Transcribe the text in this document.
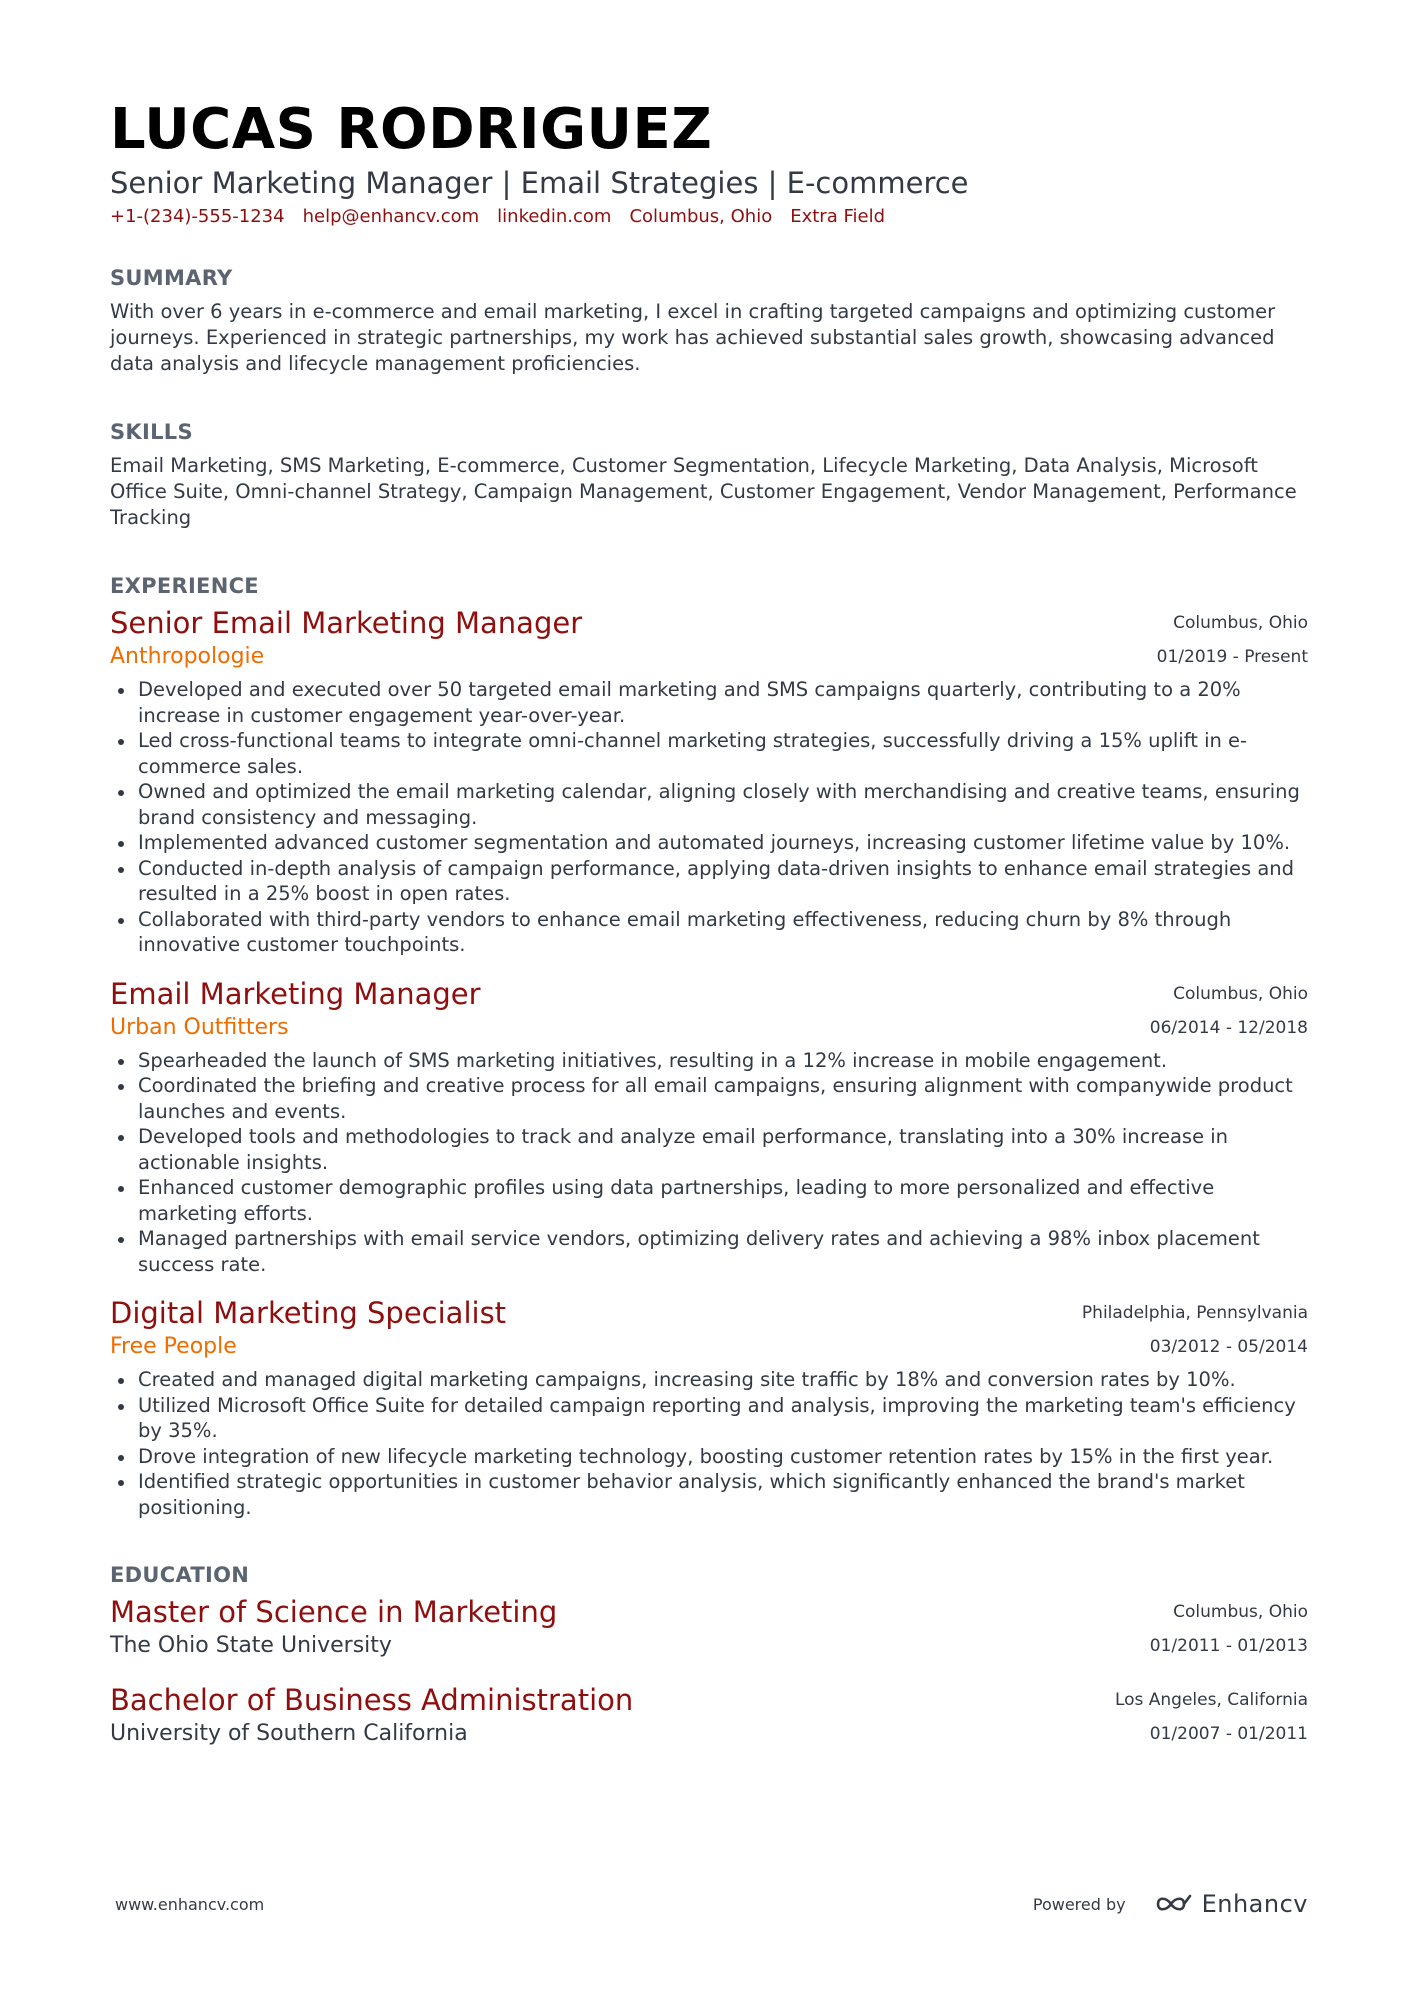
LUCAS RODRIGUEZ
Senior Marketing Manager | Email Strategies | E-commerce
+1-(234)-555-1234 help@enhancv.com linkedin.com Columbus, Ohio Extra Field
SUMMARY
With over 6 years in e-commerce and email marketing, I excel in crafting targeted campaigns and optimizing customer journeys. Experienced in strategic partnerships, my work has achieved substantial sales growth, showcasing advanced data analysis and lifecycle management proficiencies.
SKILLS
Email Marketing, SMS Marketing, E-commerce, Customer Segmentation, Lifecycle Marketing, Data Analysis, Microsoft Office Suite, Omni-channel Strategy, Campaign Management, Customer Engagement, Vendor Management, Performance Tracking
EXPERIENCE
Senior Email Marketing Manager	Columbus, Ohio
Anthropologie	01/2019 - Present
Developed and executed over 50 targeted email marketing and SMS campaigns quarterly, contributing to a 20% increase in customer engagement year-over-year.
Led cross-functional teams to integrate omni-channel marketing strategies, successfully driving a 15% uplift in e-commerce sales.
Owned and optimized the email marketing calendar, aligning closely with merchandising and creative teams, ensuring brand consistency and messaging.
Implemented advanced customer segmentation and automated journeys, increasing customer lifetime value by 10%.
Conducted in-depth analysis of campaign performance, applying data-driven insights to enhance email strategies and resulted in a 25% boost in open rates.
Collaborated with third-party vendors to enhance email marketing effectiveness, reducing churn by 8% through innovative customer touchpoints.
Email Marketing Manager	Columbus, Ohio
Urban Outfitters	06/2014 - 12/2018
Spearheaded the launch of SMS marketing initiatives, resulting in a 12% increase in mobile engagement.
Coordinated the briefing and creative process for all email campaigns, ensuring alignment with companywide product launches and events.
Developed tools and methodologies to track and analyze email performance, translating into a 30% increase in actionable insights.
Enhanced customer demographic profiles using data partnerships, leading to more personalized and effective marketing efforts.
Managed partnerships with email service vendors, optimizing delivery rates and achieving a 98% inbox placement success rate.
Digital Marketing Specialist	Philadelphia, Pennsylvania
Free People	03/2012 - 05/2014
Created and managed digital marketing campaigns, increasing site traffic by 18% and conversion rates by 10%.
Utilized Microsoft Office Suite for detailed campaign reporting and analysis, improving the marketing team's efficiency by 35%.
Drove integration of new lifecycle marketing technology, boosting customer retention rates by 15% in the first year.
Identified strategic opportunities in customer behavior analysis, which significantly enhanced the brand's market positioning.
EDUCATION
Master of Science in Marketing	Columbus, Ohio
The Ohio State University	01/2011 - 01/2013
Bachelor of Business Administration	Los Angeles, California
University of Southern California	01/2007 - 01/2011
www.enhancv.com	Powered by	Enhancv
